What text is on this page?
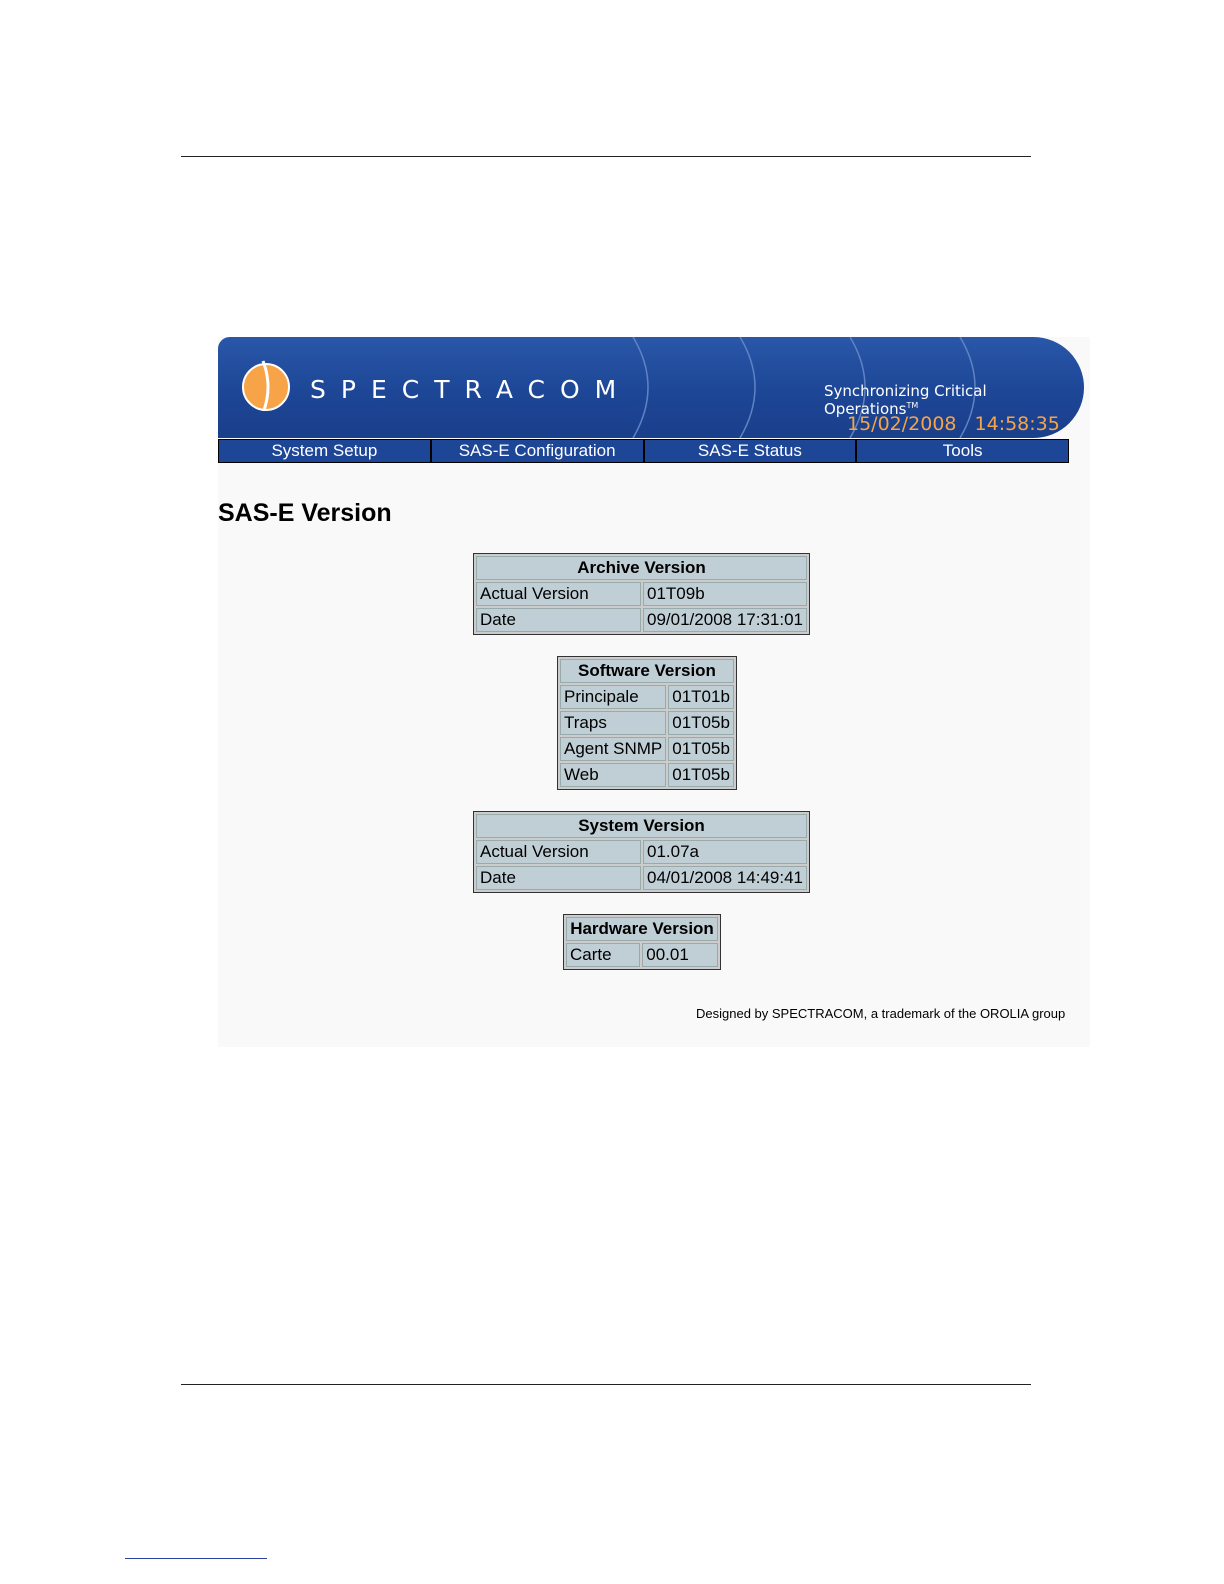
SPECTRACOM	Synchronizing Critical Operations™
15/02/2008 14:58:35
System Setup	SAS-E Configuration	SAS-E Status	Tools
SAS-E Version
Archive Version	
Actual Version	01T09b
Date	09/01/2008 17:31:01
Software Version	
Principale	01T01b
Traps	01T05b
Agent SNMP	01T05b
Web	01T05b
System Version	
Actual Version	01.07a
Date	04/01/2008 14:49:41
Hardware Version
Carte	00.01
Designed by SPECTRACOM, a trademark of the OROLIA group
